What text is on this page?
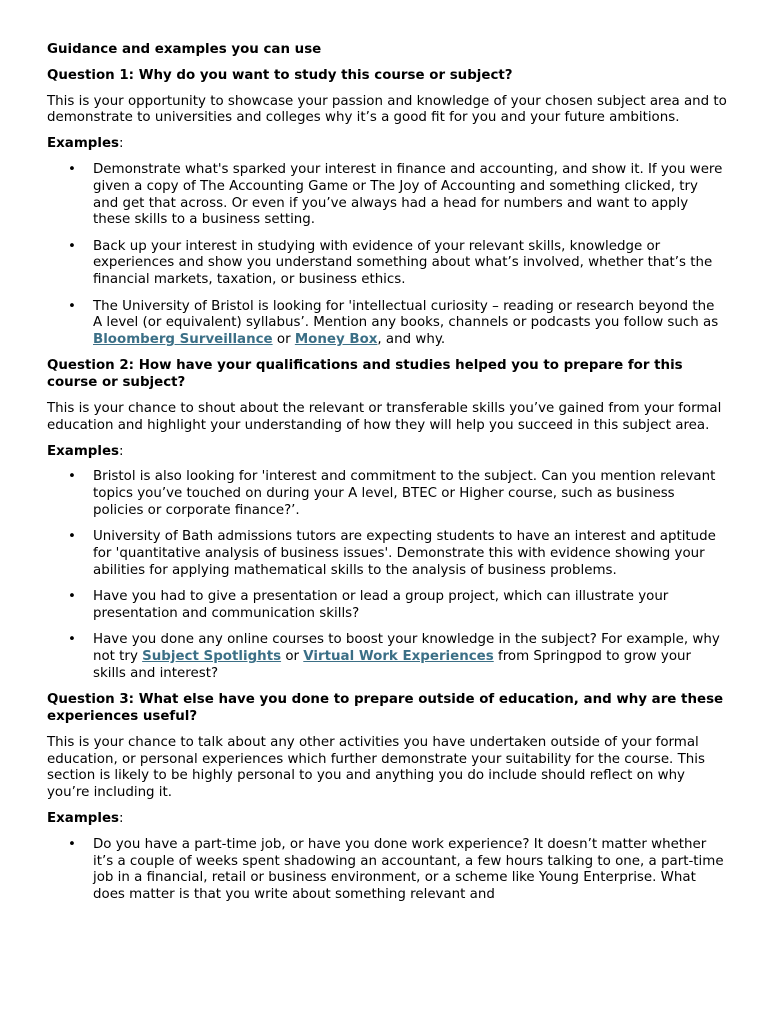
Guidance and examples you can use
Question 1: Why do you want to study this course or subject?

This is your opportunity to showcase your passion and knowledge of your chosen subject area and to demonstrate to universities and colleges why it’s a good fit for you and your future ambitions.

Examples:
• Demonstrate what's sparked your interest in finance and accounting, and show it. If you were given a copy of The Accounting Game or The Joy of Accounting and something clicked, try and get that across. Or even if you’ve always had a head for numbers and want to apply these skills to a business setting.
• Back up your interest in studying with evidence of your relevant skills, knowledge or experiences and show you understand something about what’s involved, whether that’s the financial markets, taxation, or business ethics.
• The University of Bristol is looking for 'intellectual curiosity – reading or research beyond the A level (or equivalent) syllabus’. Mention any books, channels or podcasts you follow such as Bloomberg Surveillance or Money Box, and why.
Question 2: How have your qualifications and studies helped you to prepare for this course or subject?

This is your chance to shout about the relevant or transferable skills you’ve gained from your formal education and highlight your understanding of how they will help you succeed in this subject area.

Examples:
• Bristol is also looking for 'interest and commitment to the subject. Can you mention relevant topics you’ve touched on during your A level, BTEC or Higher course, such as business policies or corporate finance?’.
• University of Bath admissions tutors are expecting students to have an interest and aptitude for 'quantitative analysis of business issues'. Demonstrate this with evidence showing your abilities for applying mathematical skills to the analysis of business problems.
• Have you had to give a presentation or lead a group project, which can illustrate your presentation and communication skills?
• Have you done any online courses to boost your knowledge in the subject? For example, why not try Subject Spotlights or Virtual Work Experiences from Springpod to grow your skills and interest?
Question 3: What else have you done to prepare outside of education, and why are these experiences useful?

This is your chance to talk about any other activities you have undertaken outside of your formal education, or personal experiences which further demonstrate your suitability for the course. This section is likely to be highly personal to you and anything you do include should reflect on why you’re including it.

Examples:
• Do you have a part-time job, or have you done work experience? It doesn’t matter whether it’s a couple of weeks spent shadowing an accountant, a few hours talking to one, a part-time job in a financial, retail or business environment, or a scheme like Young Enterprise. What does matter is that you write about something relevant and
